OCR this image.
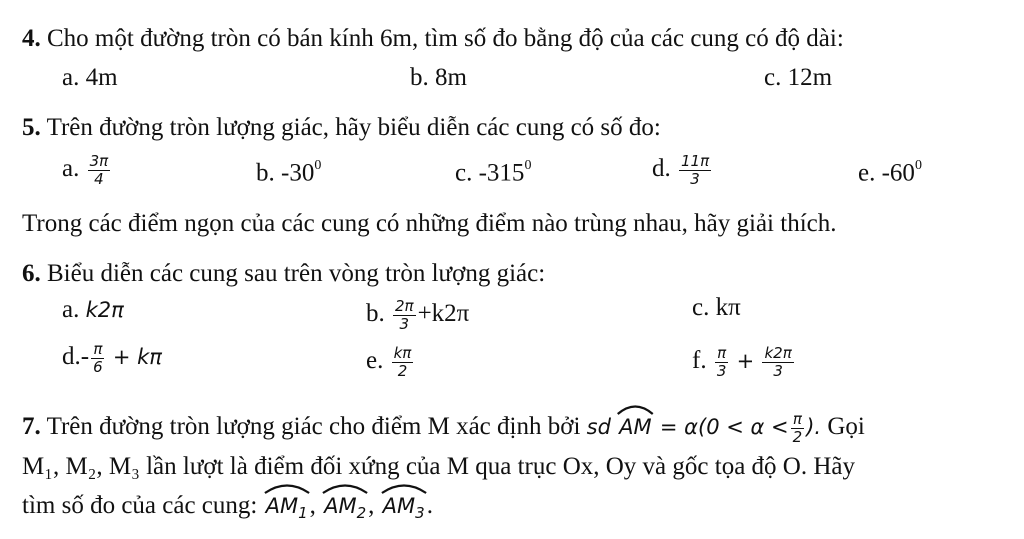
4. Cho một đường tròn có bán kính 6m, tìm số đo bằng độ của các cung có độ dài:
a. 4m	b. 8m	c. 12m
5. Trên đường tròn lượng giác, hãy biểu diễn các cung có số đo:
a. $\frac{3\pi}{4}$	b. $-30^0$	c. $-315^0$	d. $\frac{11\pi}{3}$	e. $-60^0$
Trong các điểm ngọn của các cung có những điểm nào trùng nhau, hãy giải thích.
6. Biểu diễn các cung sau trên vòng tròn lượng giác:
a. k2π	b. $\frac{2\pi}{3} +k2\pi$	c. kπ
$d.- \frac{\pi}{6} + k\pi$	e. $\frac{k\pi}{2}$	f. $\frac{\pi}{3} + \frac{k2\pi}{3}$
7. Trên đường tròn lượng giác cho điểm M xác định bởi sd AM = $\alpha(0 < \alpha < \frac{\pi}{2}$ ). Gọi
M₁, M₂, M₃ lần lượt là điểm đối xứng của M qua trục Ox, Oy và gốc tọa độ O. Hãy
tìm số đo của các cung: $AM_1$, $AM_2$, $AM_3$.
